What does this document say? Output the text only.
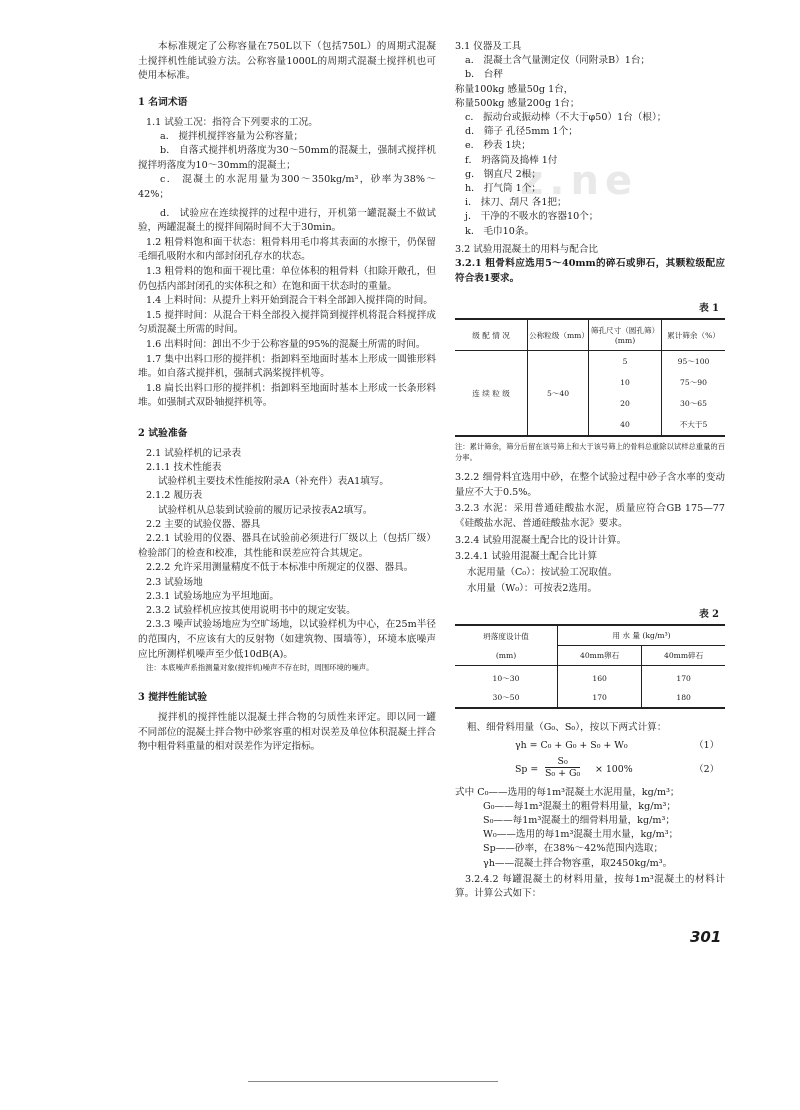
z.ne

本标准规定了公称容量在750L以下（包括750L）的周期式混凝土搅拌机性能试验方法。公称容量1000L的周期式混凝土搅拌机也可使用本标准。

1 名词术语

1.1 试验工况：指符合下列要求的工况。

a． 搅拌机搅拌容量为公称容量；

b． 自落式搅拌机坍落度为30～50mm的混凝土，强制式搅拌机搅拌坍落度为10～30mm的混凝土；

c． 混凝土的水泥用量为300～350kg/m³，砂率为38%～42%；

d． 试验应在连续搅拌的过程中进行，开机第一罐混凝土不做试验，两罐混凝土的搅拌间隔时间不大于30min。

1.2 粗骨料饱和面干状态：粗骨料用毛巾将其表面的水擦干，仍保留毛细孔吸附水和内部封闭孔存水的状态。

1.3 粗骨料的饱和面干视比重：单位体积的粗骨料（扣除开敞孔，但仍包括内部封闭孔的实体积之和）在饱和面干状态时的重量。

1.4 上料时间：从提升上料开始到混合干料全部卸入搅拌筒的时间。

1.5 搅拌时间：从混合干料全部投入搅拌筒到搅拌机将混合料搅拌成匀质混凝土所需的时间。

1.6 出料时间：卸出不少于公称容量的95%的混凝土所需的时间。

1.7 集中出料口形的搅拌机：指卸料至地面时基本上形成一圆锥形料堆。如自落式搅拌机，强制式涡桨搅拌机等。

1.8 扁长出料口形的搅拌机：指卸料至地面时基本上形成一长条形料堆。如强制式双卧轴搅拌机等。

2 试验准备

2.1 试验样机的记录表

2.1.1 技术性能表

试验样机主要技术性能按附录A（补充件）表A1填写。

2.1.2 履历表

试验样机从总装到试验前的履历记录按表A2填写。

2.2 主要的试验仪器、器具

2.2.1 试验用的仪器、器具在试验前必须进行厂级以上（包括厂级）检验部门的检查和校准，其性能和误差应符合其规定。

2.2.2 允许采用测量精度不低于本标准中所规定的仪器、器具。

2.3 试验场地

2.3.1 试验场地应为平坦地面。

2.3.2 试验样机应按其使用说明书中的规定安装。

2.3.3 噪声试验场地应为空旷场地，以试验样机为中心，在25m半径的范围内，不应该有大的反射物（如建筑物、围墙等），环境本底噪声应比所测样机噪声至少低10dB(A)。

注：本底噪声系指测量对象(搅拌机)噪声不存在时，周围环境的噪声。

3 搅拌性能试验

搅拌机的搅拌性能以混凝土拌合物的匀质性来评定。即以同一罐不同部位的混凝土拌合物中砂浆容重的相对误差及单位体积混凝土拌合物中粗骨料重量的相对误差作为评定指标。

3.1 仪器及工具

a． 混凝土含气量测定仪（同附录B）1台；

b． 台秤

称量100kg 感量50g 1台，

称量500kg 感量200g 1台；

c． 振动台或振动棒（不大于φ50）1台（根）；

d． 筛子 孔径5mm 1个；

e． 秒表 1块；

f． 坍落筒及捣棒 1付

g． 钢直尺 2根；

h． 打气筒 1个；

i． 抹刀、刮尺 各1把；

j． 干净的不吸水的容器10个；

k． 毛巾10条。

3.2 试验用混凝土的用料与配合比

3.2.1 粗骨料应选用5～40mm的碎石或卵石，其颗粒级配应符合表1要求。

表 1
级 配 情 况	公称粒级（mm）	筛孔尺寸（圆孔筛）(mm)	累计筛余（%）
连 续 粒 级	5～40	5	95～100
		10	75～90
		20	30～65
		40	不大于5

注：累计筛余，筛分后留在该号筛上和大于该号筛上的骨料总重除以试样总重量的百分率。

3.2.2 细骨料宜选用中砂，在整个试验过程中砂子含水率的变动量应不大于0.5%。

3.2.3 水泥：采用普通硅酸盐水泥，质量应符合GB 175—77《硅酸盐水泥、普通硅酸盐水泥》要求。

3.2.4 试验用混凝土配合比的设计计算。

3.2.4.1 试验用混凝土配合比计算

水泥用量（C₀）：按试验工况取值。

水用量（W₀）：可按表2选用。

表 2
坍落度设计值	用 水 量 (kg/m³)	
(mm)	40mm卵石	40mm碎石
10～30	160	170
30～50	170	180

粗、细骨料用量（G₀、S₀），按以下两式计算：

γh = C₀ + G₀ + S₀ + W₀	（1）
$Sp = \frac{\text{S₀}}{\text{S₀ + G₀}} \times 100\%$	（2）

式中 C₀——选用的每1m³混凝土水泥用量，kg/m³；

G₀——每1m³混凝土的粗骨料用量，kg/m³；

S₀——每1m³混凝土的细骨料用量，kg/m³；

W₀——选用的每1m³混凝土用水量，kg/m³；

Sp——砂率，在38%～42%范围内选取；

γh——混凝土拌合物容重，取2450kg/m³。

3.2.4.2 每罐混凝土的材料用量，按每1m³混凝土的材料计算。计算公式如下：

301
